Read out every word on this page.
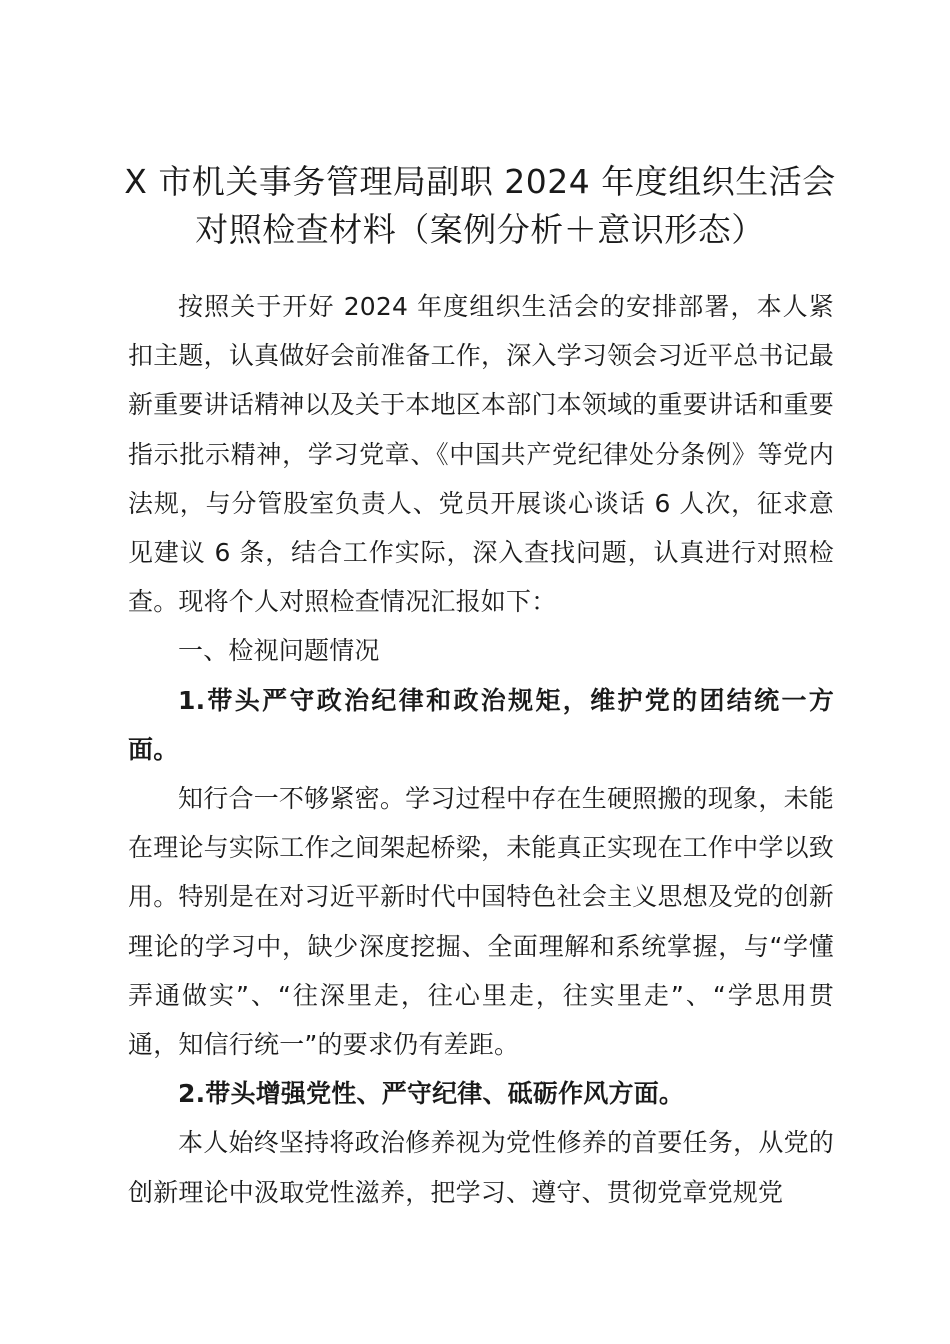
X 市机关事务管理局副职 2024 年度组织生活会对照检查材料（案例分析＋意识形态）

按照关于开好 2024 年度组织生活会的安排部署，本人紧扣主题，认真做好会前准备工作，深入学习领会习近平总书记最新重要讲话精神以及关于本地区本部门本领域的重要讲话和重要指示批示精神，学习党章、《中国共产党纪律处分条例》等党内法规，与分管股室负责人、党员开展谈心谈话 6 人次，征求意见建议 6 条，结合工作实际，深入查找问题，认真进行对照检查。现将个人对照检查情况汇报如下：

一、检视问题情况

1.带头严守政治纪律和政治规矩，维护党的团结统一方面。

知行合一不够紧密。学习过程中存在生硬照搬的现象，未能在理论与实际工作之间架起桥梁，未能真正实现在工作中学以致用。特别是在对习近平新时代中国特色社会主义思想及党的创新理论的学习中，缺少深度挖掘、全面理解和系统掌握，与“学懂弄通做实”、“往深里走，往心里走，往实里走”、“学思用贯通，知信行统一”的要求仍有差距。

2.带头增强党性、严守纪律、砥砺作风方面。

本人始终坚持将政治修养视为党性修养的首要任务，从党的创新理论中汲取党性滋养，把学习、遵守、贯彻党章党规党
